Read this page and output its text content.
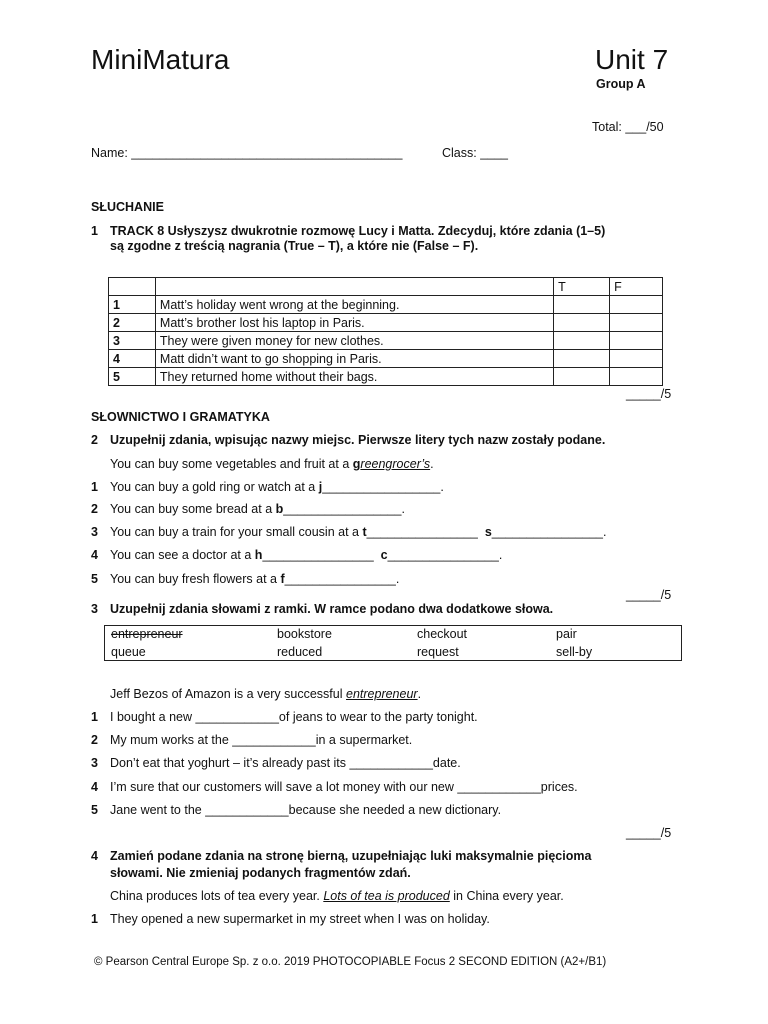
MiniMatura	Unit 7
Group A
Total: ___/50
Name: _______________________________________	Class: ____
SŁUCHANIE
1 TRACK 8 Usłyszysz dwukrotnie rozmowę Lucy i Matta. Zdecyduj, które zdania (1–5)
są zgodne z treścią nagrania (True – T), a które nie (False – F).
		T	F
1	Matt’s holiday went wrong at the beginning.		
2	Matt’s brother lost his laptop in Paris.		
3	They were given money for new clothes.		
4	Matt didn’t want to go shopping in Paris.		
5	They returned home without their bags.		
_____/5
SŁOWNICTWO I GRAMATYKA
2 Uzupełnij zdania, wpisując nazwy miejsc. Pierwsze litery tych nazw zostały podane.
You can buy some vegetables and fruit at a greengrocer’s.
1 You can buy a gold ring or watch at a j_________________.
2 You can buy some bread at a b_________________.
3 You can buy a train for your small cousin at a t________________ s________________.
4 You can see a doctor at a h________________ c________________.
5 You can buy fresh flowers at a f________________.
_____/5
3 Uzupełnij zdania słowami z ramki. W ramce podano dwa dodatkowe słowa.
entrepreneur	bookstore	checkout	pair
queue	reduced	request	sell-by
Jeff Bezos of Amazon is a very successful entrepreneur.
1 I bought a new ____________of jeans to wear to the party tonight.
2 My mum works at the ____________in a supermarket.
3 Don’t eat that yoghurt – it’s already past its ____________date.
4 I’m sure that our customers will save a lot money with our new ____________prices.
5 Jane went to the ____________because she needed a new dictionary.
_____/5
4 Zamień podane zdania na stronę bierną, uzupełniając luki maksymalnie pięcioma
słowami. Nie zmieniaj podanych fragmentów zdań.
China produces lots of tea every year. Lots of tea is produced in China every year.
1 They opened a new supermarket in my street when I was on holiday.
© Pearson Central Europe Sp. z o.o. 2019 PHOTOCOPIABLE Focus 2 SECOND EDITION (A2+/B1)
